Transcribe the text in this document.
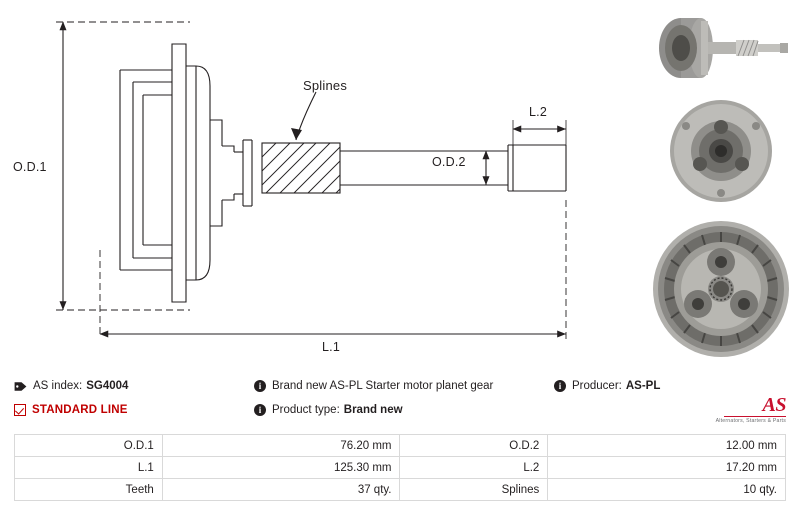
O.D.1	O.D.2
L.1
L.2
Splines
AS index: SG4004	i Brand new AS-PL Starter motor planet gear	i Producer: AS-PL
STANDARD LINE	i Product type: Brand new	AS
Alternators, Starters & Parts
O.D.1	76.20 mm	O.D.2	12.00 mm
L.1	125.30 mm	L.2	17.20 mm
Teeth	37 qty.	Splines	10 qty.
